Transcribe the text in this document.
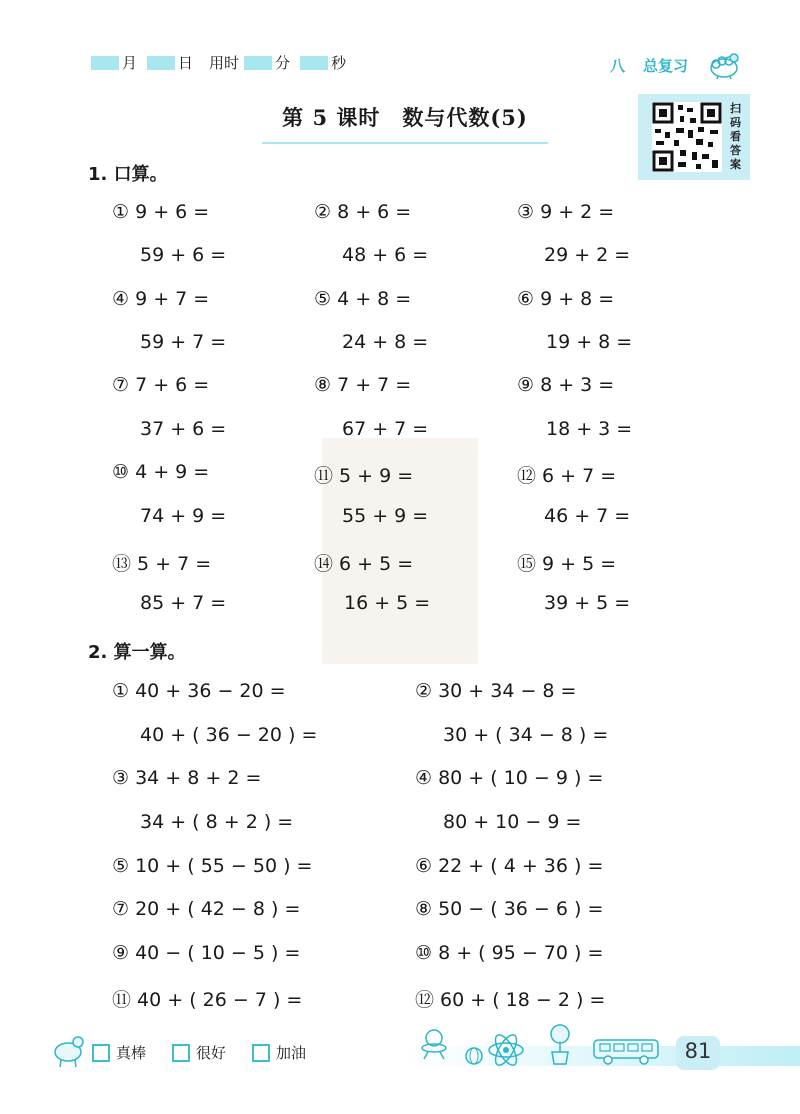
月	日 用时 分	秒	八 总复习
第 5 课时　数与代数(5)	扫
码
看
答
案
1. 口算。
① 9 + 6 =	② 8 + 6 =	③ 9 + 2 =
59 + 6 =	48 + 6 =	29 + 2 =
④ 9 + 7 =	⑤ 4 + 8 =	⑥ 9 + 8 =
59 + 7 =	24 + 8 =	19 + 8 =
⑦ 7 + 6 =	⑧ 7 + 7 =	⑨ 8 + 3 =
37 + 6 =	67 + 7 =	18 + 3 =
⑩ 4 + 9 =	⑪ 5 + 9 =	⑫ 6 + 7 =
74 + 9 =	55 + 9 =	46 + 7 =
⑬ 5 + 7 =	⑭ 6 + 5 =	⑮ 9 + 5 =
85 + 7 =	16 + 5 =	39 + 5 =
2. 算一算。
① 40 + 36 − 20 =	② 30 + 34 − 8 =
40 + ( 36 − 20 ) =	30 + ( 34 − 8 ) =
③ 34 + 8 + 2 =	④ 80 + ( 10 − 9 ) =
34 + ( 8 + 2 ) =	80 + 10 − 9 =
⑤ 10 + ( 55 − 50 ) =	⑥ 22 + ( 4 + 36 ) =
⑦ 20 + ( 42 − 8 ) =	⑧ 50 − ( 36 − 6 ) =
⑨ 40 − ( 10 − 5 ) =	⑩ 8 + ( 95 − 70 ) =
⑪ 40 + ( 26 − 7 ) =	⑫ 60 + ( 18 − 2 ) =
真棒	很好	加油	81
